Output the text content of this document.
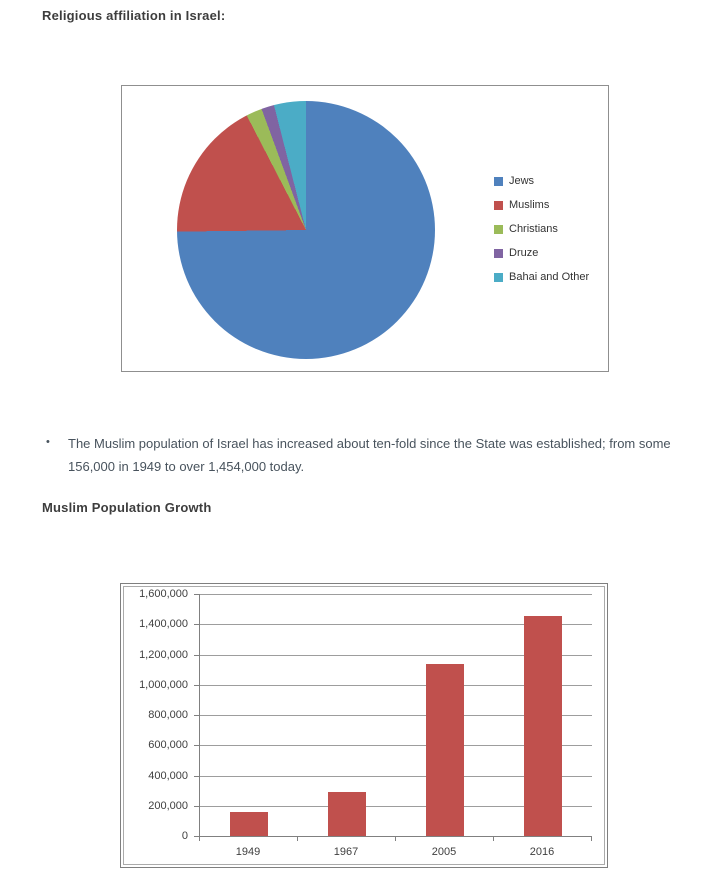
Religious affiliation in Israel:
Jews
Muslims
Christians
Druze
Bahai and Other
• The Muslim population of Israel has increased about ten-fold since the State was established; from some 156,000 in 1949 to over 1,454,000 today.
Muslim Population Growth
1,600,000
1,400,000
1,200,000
1,000,000
800,000
600,000
400,000
200,000
0
1949	1967	2005	2016
